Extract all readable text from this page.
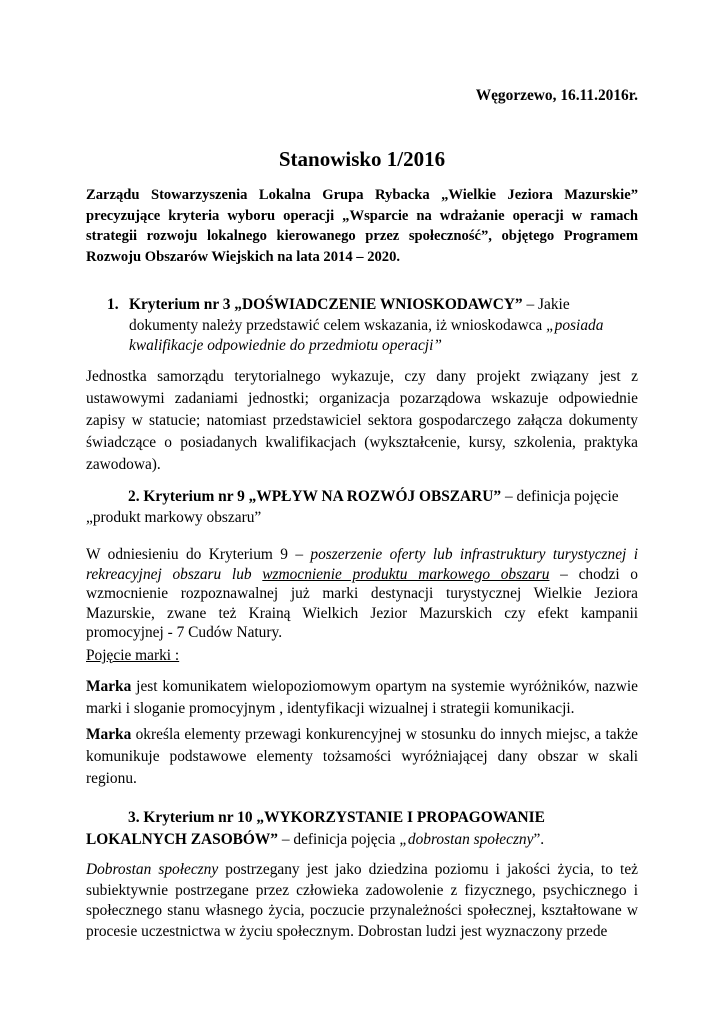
Węgorzewo, 16.11.2016r.

Stanowisko 1/2016

Zarządu Stowarzyszenia Lokalna Grupa Rybacka „Wielkie Jeziora Mazurskie” precyzujące kryteria wyboru operacji „Wsparcie na wdrażanie operacji w ramach strategii rozwoju lokalnego kierowanego przez społeczność”, objętego Programem Rozwoju Obszarów Wiejskich na lata 2014 – 2020.

1. Kryterium nr 3 „DOŚWIADCZENIE WNIOSKODAWCY” – Jakie dokumenty należy przedstawić celem wskazania, iż wnioskodawca „posiada kwalifikacje odpowiednie do przedmiotu operacji”

Jednostka samorządu terytorialnego wykazuje, czy dany projekt związany jest z ustawowymi zadaniami jednostki; organizacja pozarządowa wskazuje odpowiednie zapisy w statucie; natomiast przedstawiciel sektora gospodarczego załącza dokumenty świadczące o posiadanych kwalifikacjach (wykształcenie, kursy, szkolenia, praktyka zawodowa).

2. Kryterium nr 9 „WPŁYW NA ROZWÓJ OBSZARU” – definicja pojęcie „produkt markowy obszaru”

W odniesieniu do Kryterium 9 – poszerzenie oferty lub infrastruktury turystycznej i rekreacyjnej obszaru lub wzmocnienie produktu markowego obszaru – chodzi o wzmocnienie rozpoznawalnej już marki destynacji turystycznej Wielkie Jeziora Mazurskie, zwane też Krainą Wielkich Jezior Mazurskich czy efekt kampanii promocyjnej - 7 Cudów Natury.

Pojęcie marki :

Marka jest komunikatem wielopoziomowym opartym na systemie wyróżników, nazwie marki i sloganie promocyjnym , identyfikacji wizualnej i strategii komunikacji.

Marka określa elementy przewagi konkurencyjnej w stosunku do innych miejsc, a także komunikuje podstawowe elementy tożsamości wyróżniającej dany obszar w skali regionu.

3. Kryterium nr 10 „WYKORZYSTANIE I PROPAGOWANIE LOKALNYCH ZASOBÓW” – definicja pojęcia „dobrostan społeczny”.

Dobrostan społeczny postrzegany jest jako dziedzina poziomu i jakości życia, to też subiektywnie postrzegane przez człowieka zadowolenie z fizycznego, psychicznego i społecznego stanu własnego życia, poczucie przynależności społecznej, kształtowane w procesie uczestnictwa w życiu społecznym. Dobrostan ludzi jest wyznaczony przede
